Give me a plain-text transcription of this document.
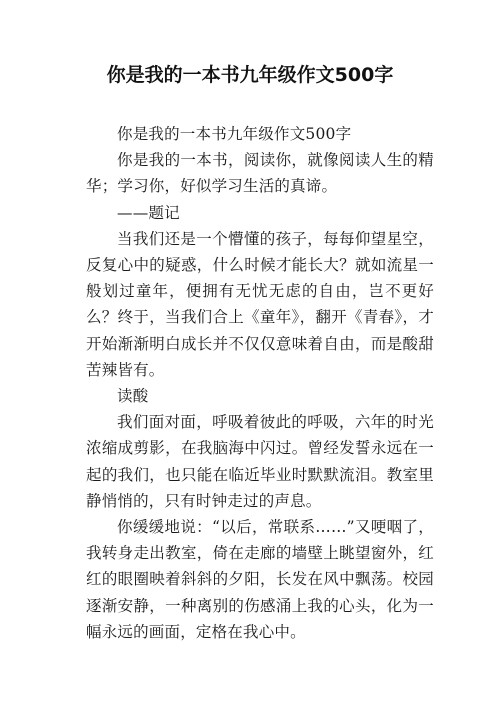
你是我的一本书九年级作文500字

你是我的一本书九年级作文500字

你是我的一本书，阅读你，就像阅读人生的精华；学习你，好似学习生活的真谛。

——题记

当我们还是一个懵懂的孩子，每每仰望星空，反复心中的疑惑，什么时候才能长大？就如流星一般划过童年，便拥有无忧无虑的自由，岂不更好么？终于，当我们合上《童年》，翻开《青春》，才开始渐渐明白成长并不仅仅意味着自由，而是酸甜苦辣皆有。

读酸

我们面对面，呼吸着彼此的呼吸，六年的时光浓缩成剪影，在我脑海中闪过。曾经发誓永远在一起的我们，也只能在临近毕业时默默流泪。教室里静悄悄的，只有时钟走过的声息。

你缓缓地说：“以后，常联系……”又哽咽了，我转身走出教室，倚在走廊的墙壁上眺望窗外，红红的眼圈映着斜斜的夕阳，长发在风中飘荡。校园逐渐安静，一种离别的伤感涌上我的心头，化为一幅永远的画面，定格在我心中。
